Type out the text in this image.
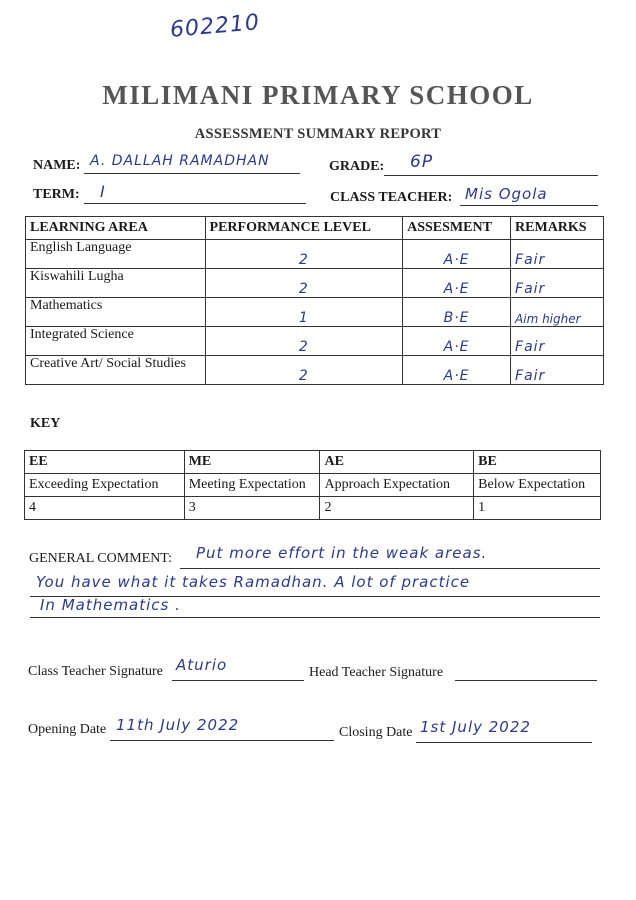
602210
MILIMANI PRIMARY SCHOOL
ASSESSMENT SUMMARY REPORT
NAME: A. DALLAH RAMADHAN	GRADE: 6P
TERM: I	CLASS TEACHER: Mis Ogola
LEARNING AREA	PERFORMANCE LEVEL	ASSESMENT	REMARKS
English Language	2	A·E	Fair
Kiswahili Lugha	2	A·E	Fair
Mathematics	1	B·E	Aim higher
Integrated Science	2	A·E	Fair
Creative Art/ Social Studies	2	A·E	Fair
KEY
EE	ME	AE	BE
Exceeding Expectation	Meeting Expectation	Approach Expectation	Below Expectation
4	3	2	1
GENERAL COMMENT: Put more effort in the weak areas.
You have what it takes Ramadhan. A lot of practice
In Mathematics .
Class Teacher Signature Aturio	Head Teacher Signature
Opening Date 11th July 2022	Closing Date 1st July 2022
